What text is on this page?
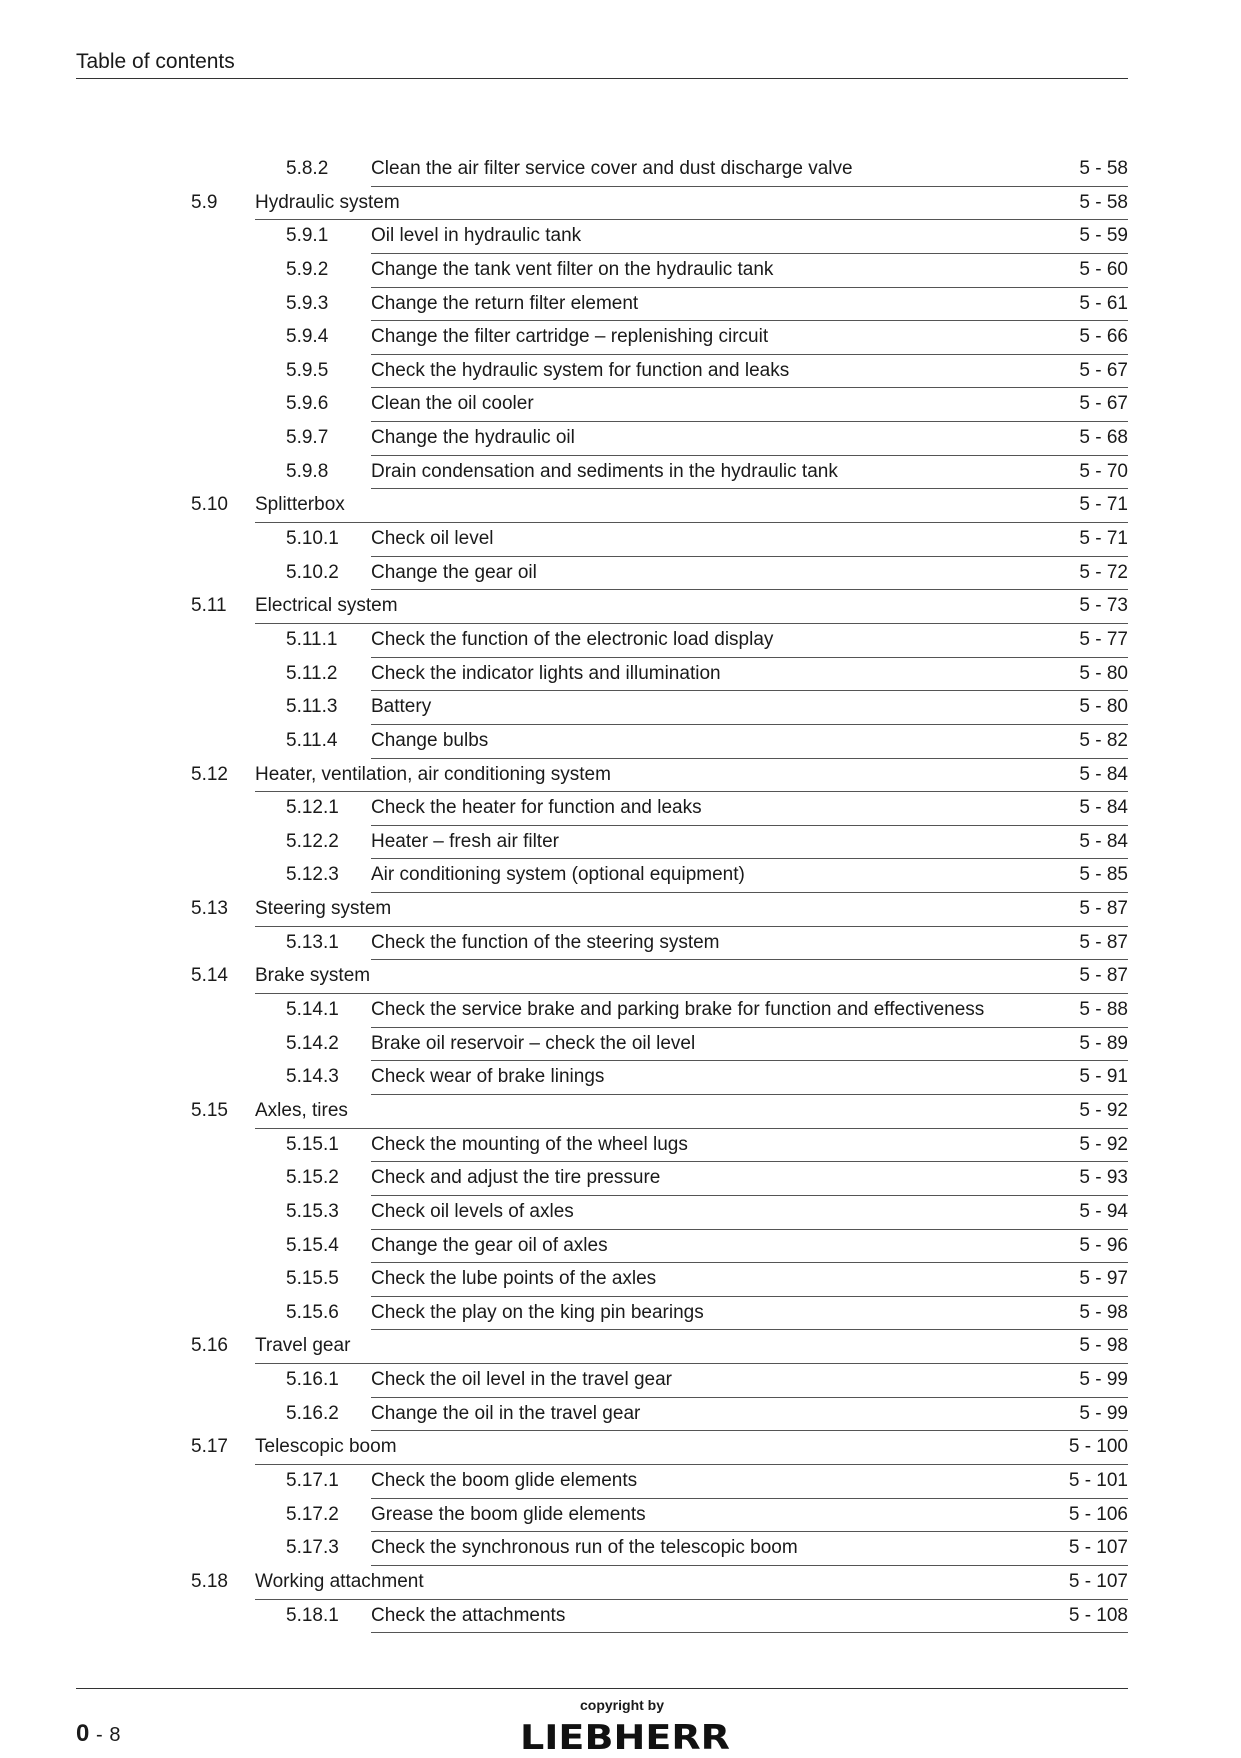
Table of contents
5.8.2 Clean the air filter service cover and dust discharge valve	5 - 58
5.9 Hydraulic system	5 - 58
5.9.1 Oil level in hydraulic tank	5 - 59
5.9.2 Change the tank vent filter on the hydraulic tank	5 - 60
5.9.3 Change the return filter element	5 - 61
5.9.4 Change the filter cartridge – replenishing circuit	5 - 66
5.9.5 Check the hydraulic system for function and leaks	5 - 67
5.9.6 Clean the oil cooler	5 - 67
5.9.7 Change the hydraulic oil	5 - 68
5.9.8 Drain condensation and sediments in the hydraulic tank	5 - 70
5.10 Splitterbox	5 - 71
5.10.1 Check oil level	5 - 71
5.10.2 Change the gear oil	5 - 72
5.11 Electrical system	5 - 73
5.11.1 Check the function of the electronic load display	5 - 77
5.11.2 Check the indicator lights and illumination	5 - 80
5.11.3 Battery	5 - 80
5.11.4 Change bulbs	5 - 82
5.12 Heater, ventilation, air conditioning system	5 - 84
5.12.1 Check the heater for function and leaks	5 - 84
5.12.2 Heater – fresh air filter	5 - 84
5.12.3 Air conditioning system (optional equipment)	5 - 85
5.13 Steering system	5 - 87
5.13.1 Check the function of the steering system	5 - 87
5.14 Brake system	5 - 87
5.14.1 Check the service brake and parking brake for function and effectiveness	5 - 88
5.14.2 Brake oil reservoir – check the oil level	5 - 89
5.14.3 Check wear of brake linings	5 - 91
5.15 Axles, tires	5 - 92
5.15.1 Check the mounting of the wheel lugs	5 - 92
5.15.2 Check and adjust the tire pressure	5 - 93
5.15.3 Check oil levels of axles	5 - 94
5.15.4 Change the gear oil of axles	5 - 96
5.15.5 Check the lube points of the axles	5 - 97
5.15.6 Check the play on the king pin bearings	5 - 98
5.16 Travel gear	5 - 98
5.16.1 Check the oil level in the travel gear	5 - 99
5.16.2 Change the oil in the travel gear	5 - 99
5.17 Telescopic boom	5 - 100
5.17.1 Check the boom glide elements	5 - 101
5.17.2 Grease the boom glide elements	5 - 106
5.17.3 Check the synchronous run of the telescopic boom	5 - 107
5.18 Working attachment	5 - 107
5.18.1 Check the attachments	5 - 108
copyright by
0 - 8	LIEBHERR
